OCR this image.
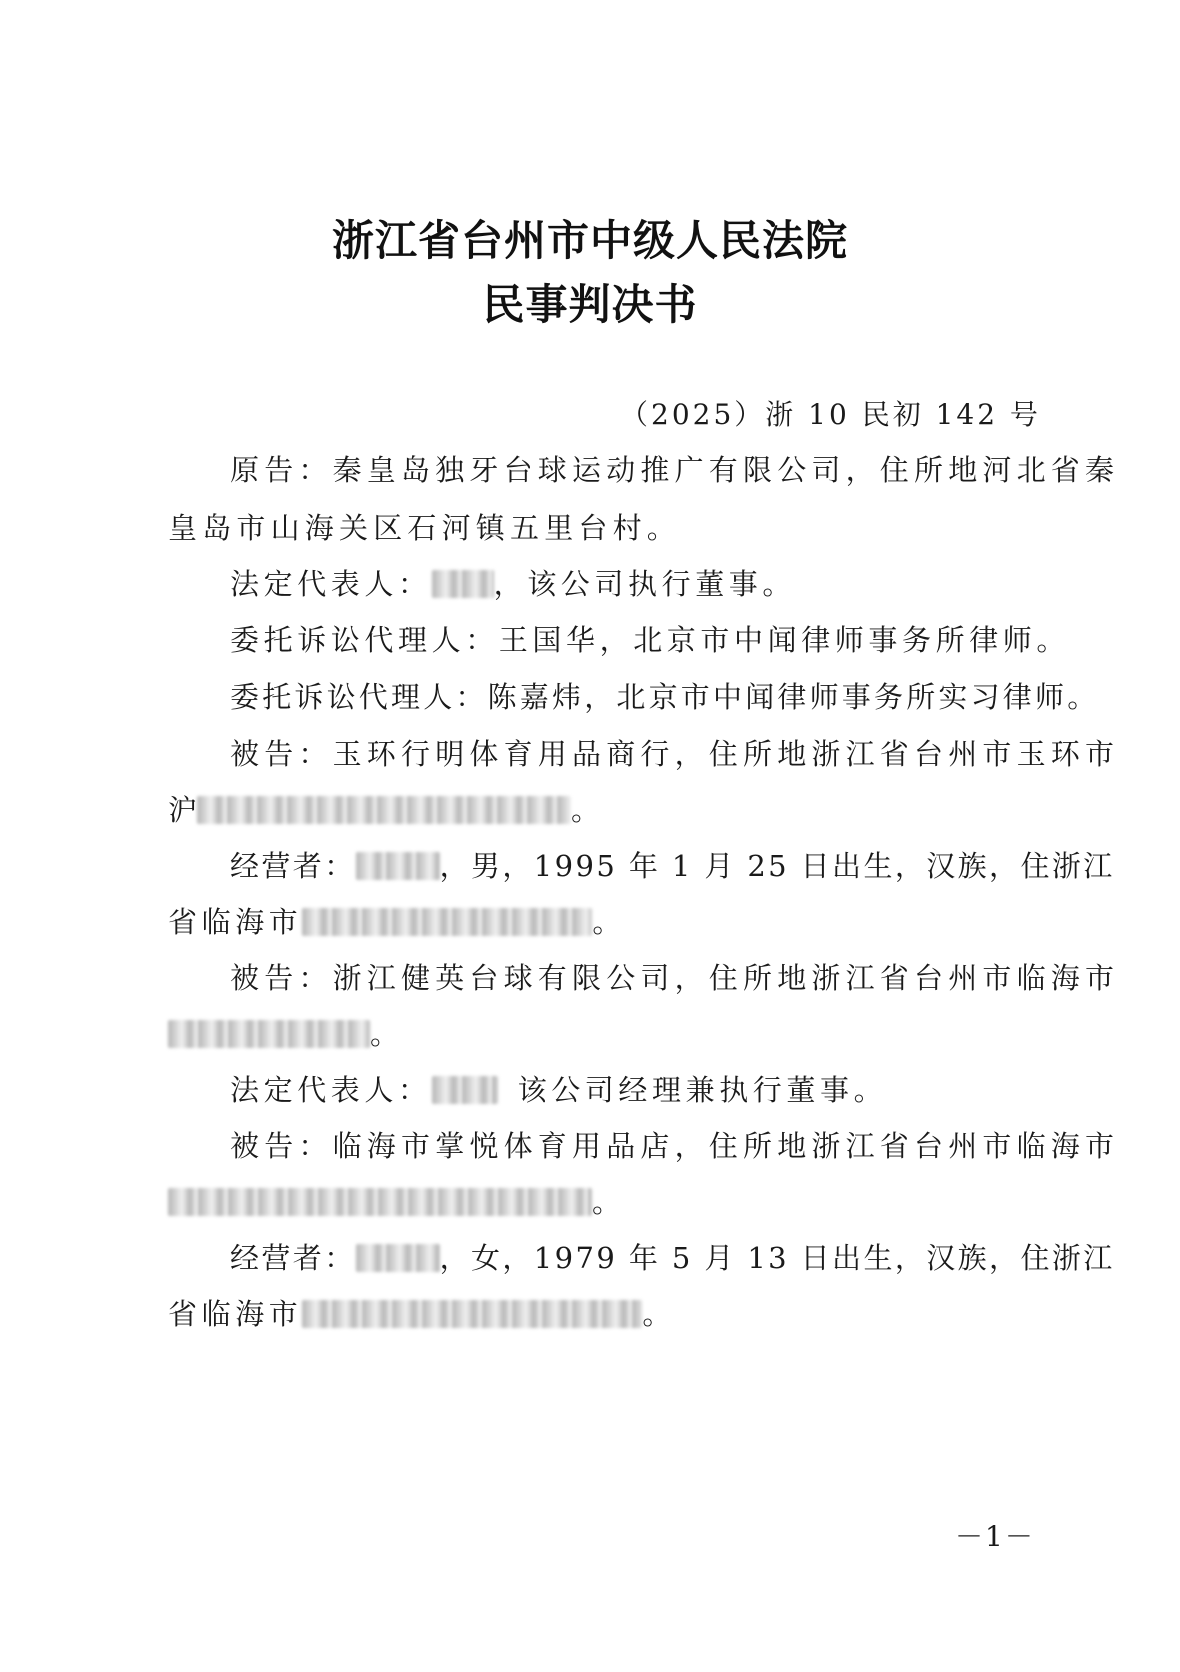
浙江省台州市中级人民法院
民事判决书
（2025）浙 10 民初 142 号
原告：秦皇岛独牙台球运动推广有限公司，住所地河北省秦
皇岛市山海关区石河镇五里台村。
法定代表人： ，该公司执行董事。
委托诉讼代理人：王国华，北京市中闻律师事务所律师。
委托诉讼代理人：陈嘉炜，北京市中闻律师事务所实习律师。
被告：玉环行明体育用品商行，住所地浙江省台州市玉环市
沪	。
经营者：	，男，1995 年 1 月 25 日出生，汉族，住浙江
省临海市	。
被告：浙江健英台球有限公司，住所地浙江省台州市临海市
。
法定代表人：	该公司经理兼执行董事。
被告：临海市掌悦体育用品店，住所地浙江省台州市临海市
。
经营者：	，女，1979 年 5 月 13 日出生，汉族，住浙江
省临海市	。
－1－
